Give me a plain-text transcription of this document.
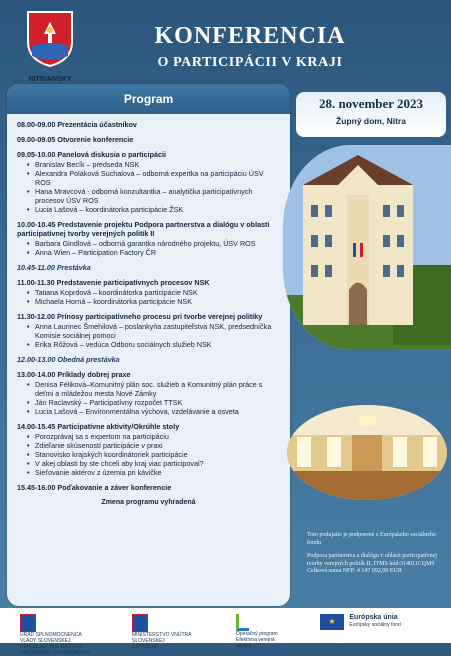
NITRIANSKY

KONFERENCIA
O PARTICIPÁCII V KRAJI
Program
08.00-09.00 Prezentácia účastníkov
09.00-09.05 Otvorenie konferencie
09.05-10.00 Panelová diskusia o participácii
• Branislav Becík – predseda NSK
• Alexandra Poláková Suchalová – odborná expertka na participáciu ÚSV ROS
• Hana Mravcová - odborná konzultantka – analytička participatívnych procesov ÚSV ROS
• Lucia Lašová – koordinátorka participácie ŽSK
10.00-10.45 Predstavenie projektu Podpora partnerstva a dialógu v oblasti participatívnej tvorby verejných politík II
• Barbara Gindlová – odborná garantka národného projektu, ÚSV ROS
• Anna Wien – Participation Factory ČR
10.45-11.00 Prestávka
11.00-11.30 Predstavenie participatívnych procesov NSK
• Tatiana Koprdová – koordinátorka participácie NSK
• Michaela Horná – koordinátorka participácie NSK
11.30-12.00 Prínosy participatívneho procesu pri tvorbe verejnej politiky
• Anna Laurinec Šmehilová – poslankyňa zastupiteľstva NSK, predsedníčka Komisie sociálnej pomoci
• Erika Rôžová – vedúca Odboru sociálnych služieb NSK
12.00-13.00 Obedná prestávka
13.00-14.00 Príklady dobrej praxe
• Denisa Féliková–Komunitný plán soc. služieb a Komunitný plán práce s deťmi a mládežou mesta Nové Zámky
• Ján Raclavský – Participatívny rozpočet TTSK
• Lucia Lašová – Environmentálna výchova, vzdelávanie a osveta
14.00-15.45 Participatívne aktivity/Okrúhle stoly
• Porozprávaj sa s expertom na participáciu
• Zdieľanie skúseností participácie v praxi
• Stanovisko krajských koordinátoriek participácie
• V akej oblasti by ste chceli aby kraj viac participoval?
• Sieťovanie aktérov z územia pri kávičke
15.45-16.00 Poďakovanie a záver konferencie
Zmena programu vyhradená
28. november 2023
Župný dom, Nitra

Toto podujatie je podporené z Európskeho sociálneho fondu

Podpora partnerstva a dialógu v oblasti participatívnej tvorby verejných politík II, ITMS kód:314011CQM9

Celková suma NFP: 4 147 092,00 EUR

ÚRAD SPLNOMOCNENCA VLÁDY SLOVENSKEJ REPUBLIKY PRE ROZVOJ OBČIANSKEJ SPOLOČNOSTI
MINISTERSTVO VNÚTRA SLOVENSKEJ REPUBLIKY
Operačný program Efektívna verejná správa
★ Európska únia
Európsky sociálny fond
